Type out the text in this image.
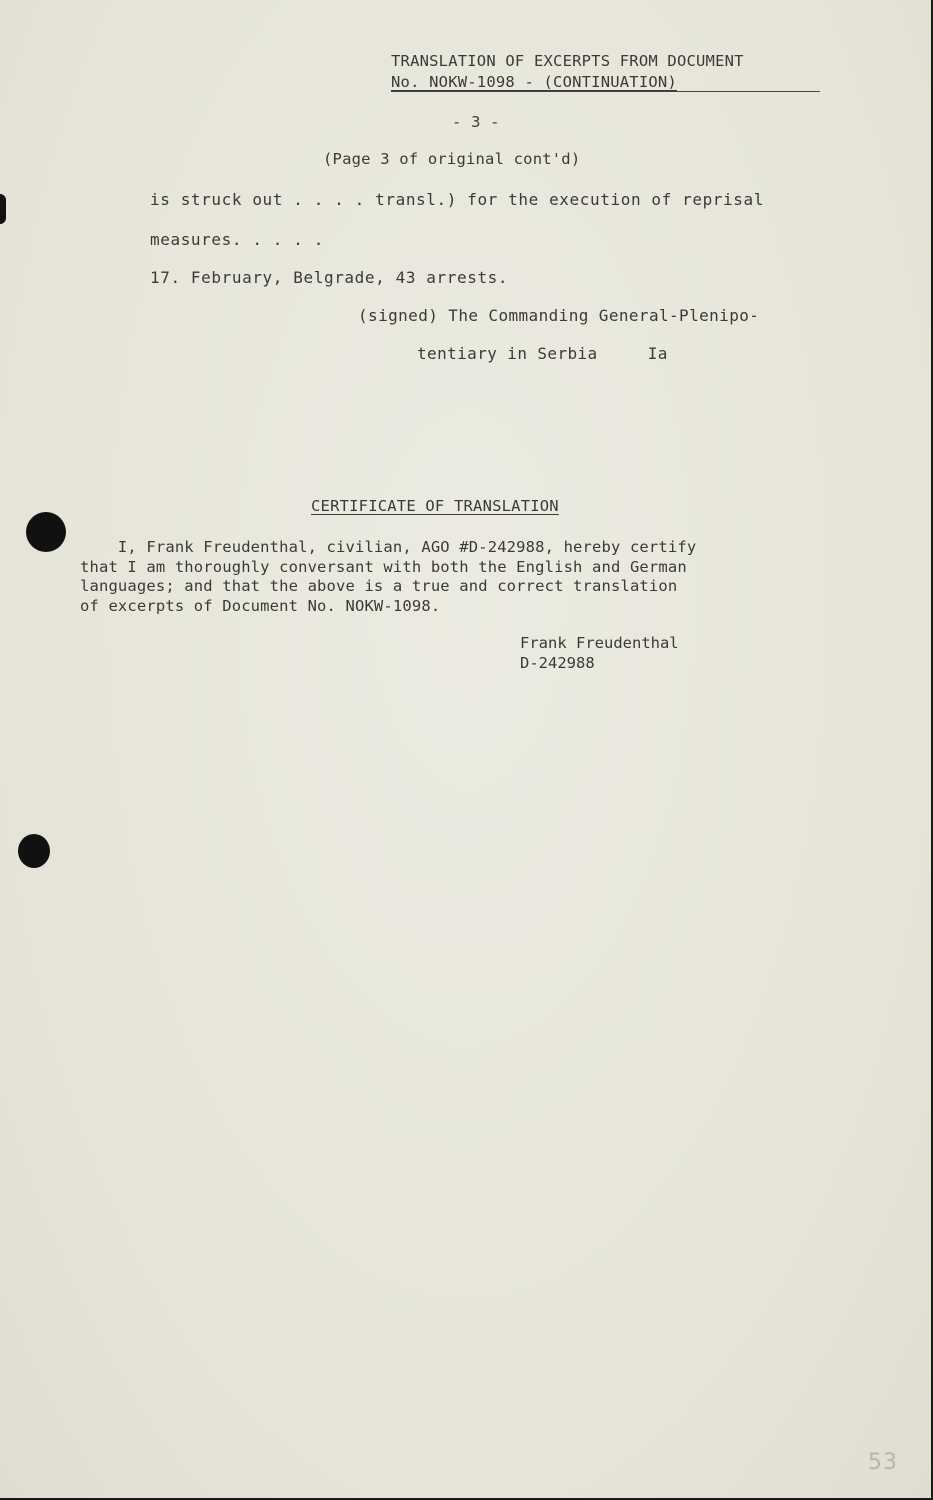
TRANSLATION OF EXCERPTS FROM DOCUMENT
No. NOKW-1098 - (CONTINUATION)
- 3 -
(Page 3 of original cont'd)
is struck out . . . . transl.) for the execution of reprisal
measures. . . . .
17. February, Belgrade, 43 arrests.
(signed) The Commanding General-Plenipo-
tentiary in Serbia     Ia
CERTIFICATE OF TRANSLATION
I, Frank Freudenthal, civilian, AGO #D-242988, hereby certify
that I am thoroughly conversant with both the English and German
languages; and that the above is a true and correct translation
of excerpts of Document No. NOKW-1098.
Frank Freudenthal
D-242988
53
